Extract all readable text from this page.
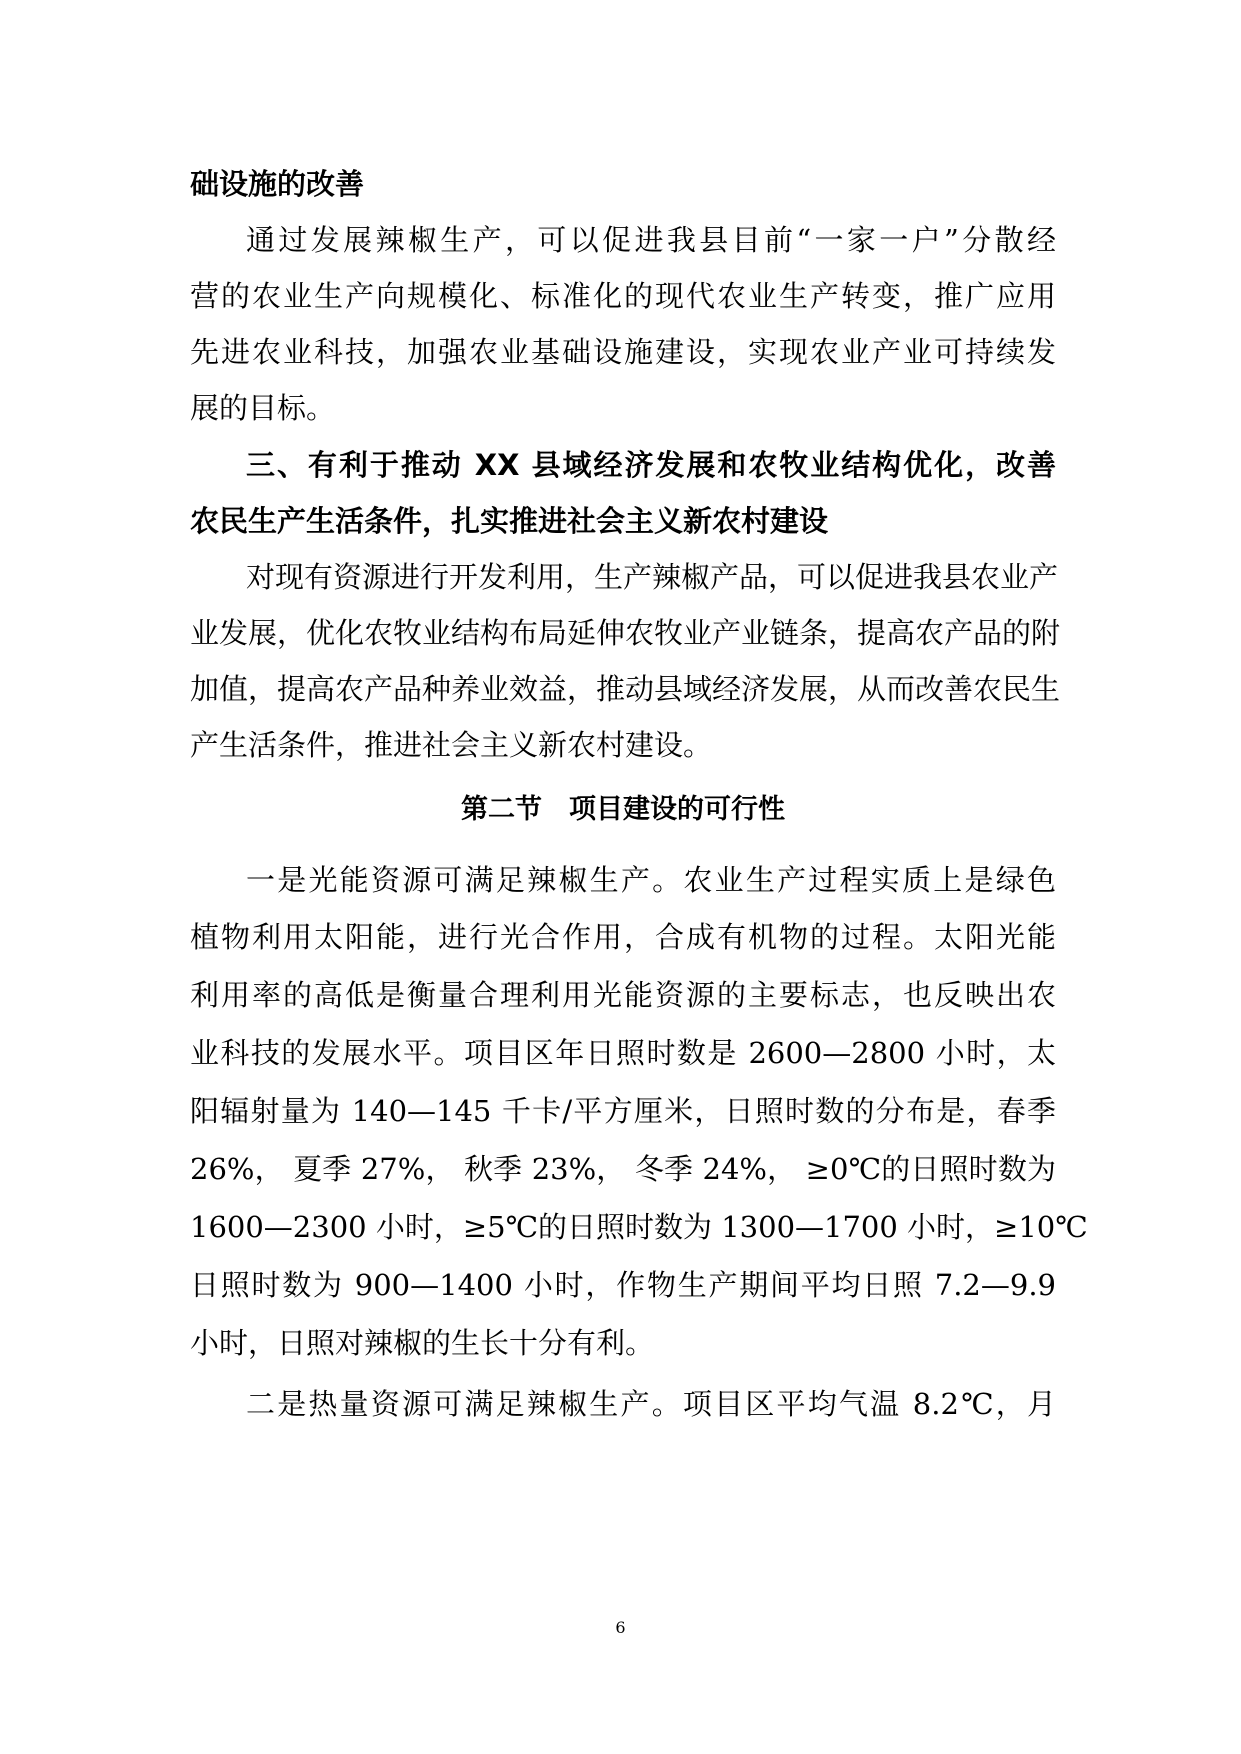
础设施的改善
通过发展辣椒生产，可以促进我县目前“一家一户”分散经
营的农业生产向规模化、标准化的现代农业生产转变，推广应用
先进农业科技，加强农业基础设施建设，实现农业产业可持续发
展的目标。
三、有利于推动 XX 县域经济发展和农牧业结构优化，改善
农民生产生活条件，扎实推进社会主义新农村建设
对现有资源进行开发利用，生产辣椒产品，可以促进我县农业产
业发展，优化农牧业结构布局延伸农牧业产业链条，提高农产品的附
加值，提高农产品种养业效益，推动县域经济发展，从而改善农民生
产生活条件，推进社会主义新农村建设。
第二节　项目建设的可行性
一是光能资源可满足辣椒生产。农业生产过程实质上是绿色
植物利用太阳能，进行光合作用，合成有机物的过程。太阳光能
利用率的高低是衡量合理利用光能资源的主要标志，也反映出农
业科技的发展水平。项目区年日照时数是 2600—2800 小时，太
阳辐射量为 140—145 千卡/平方厘米，日照时数的分布是，春季
26%， 夏季 27%， 秋季 23%， 冬季 24%， ≥0℃的日照时数为
1600—2300 小时，≥5℃的日照时数为 1300—1700 小时，≥10℃
日照时数为 900—1400 小时，作物生产期间平均日照 7.2—9.9
小时，日照对辣椒的生长十分有利。
二是热量资源可满足辣椒生产。项目区平均气温 8.2℃，月
6
